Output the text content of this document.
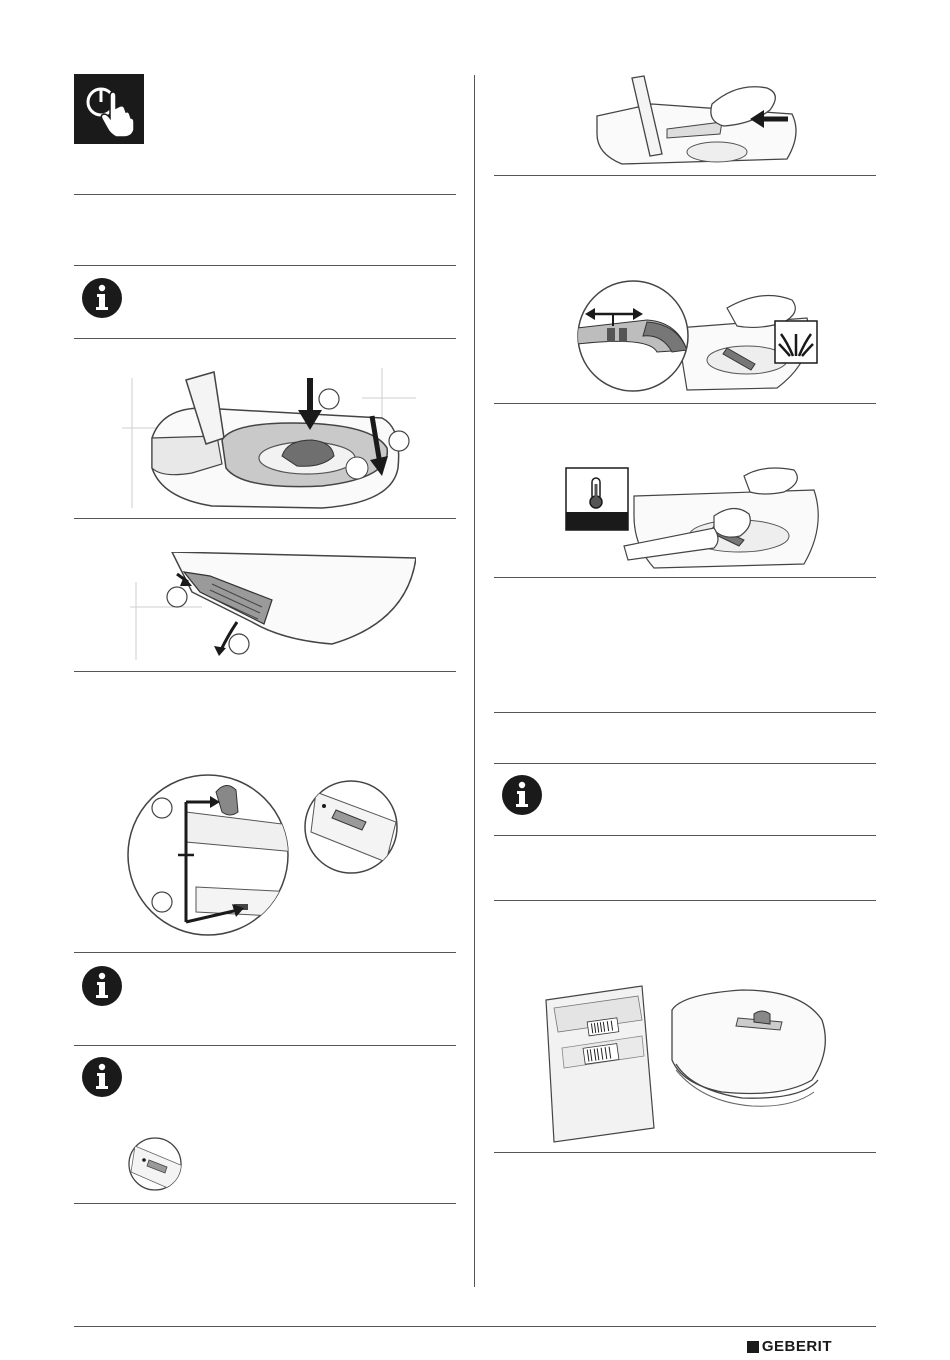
GEBERIT
